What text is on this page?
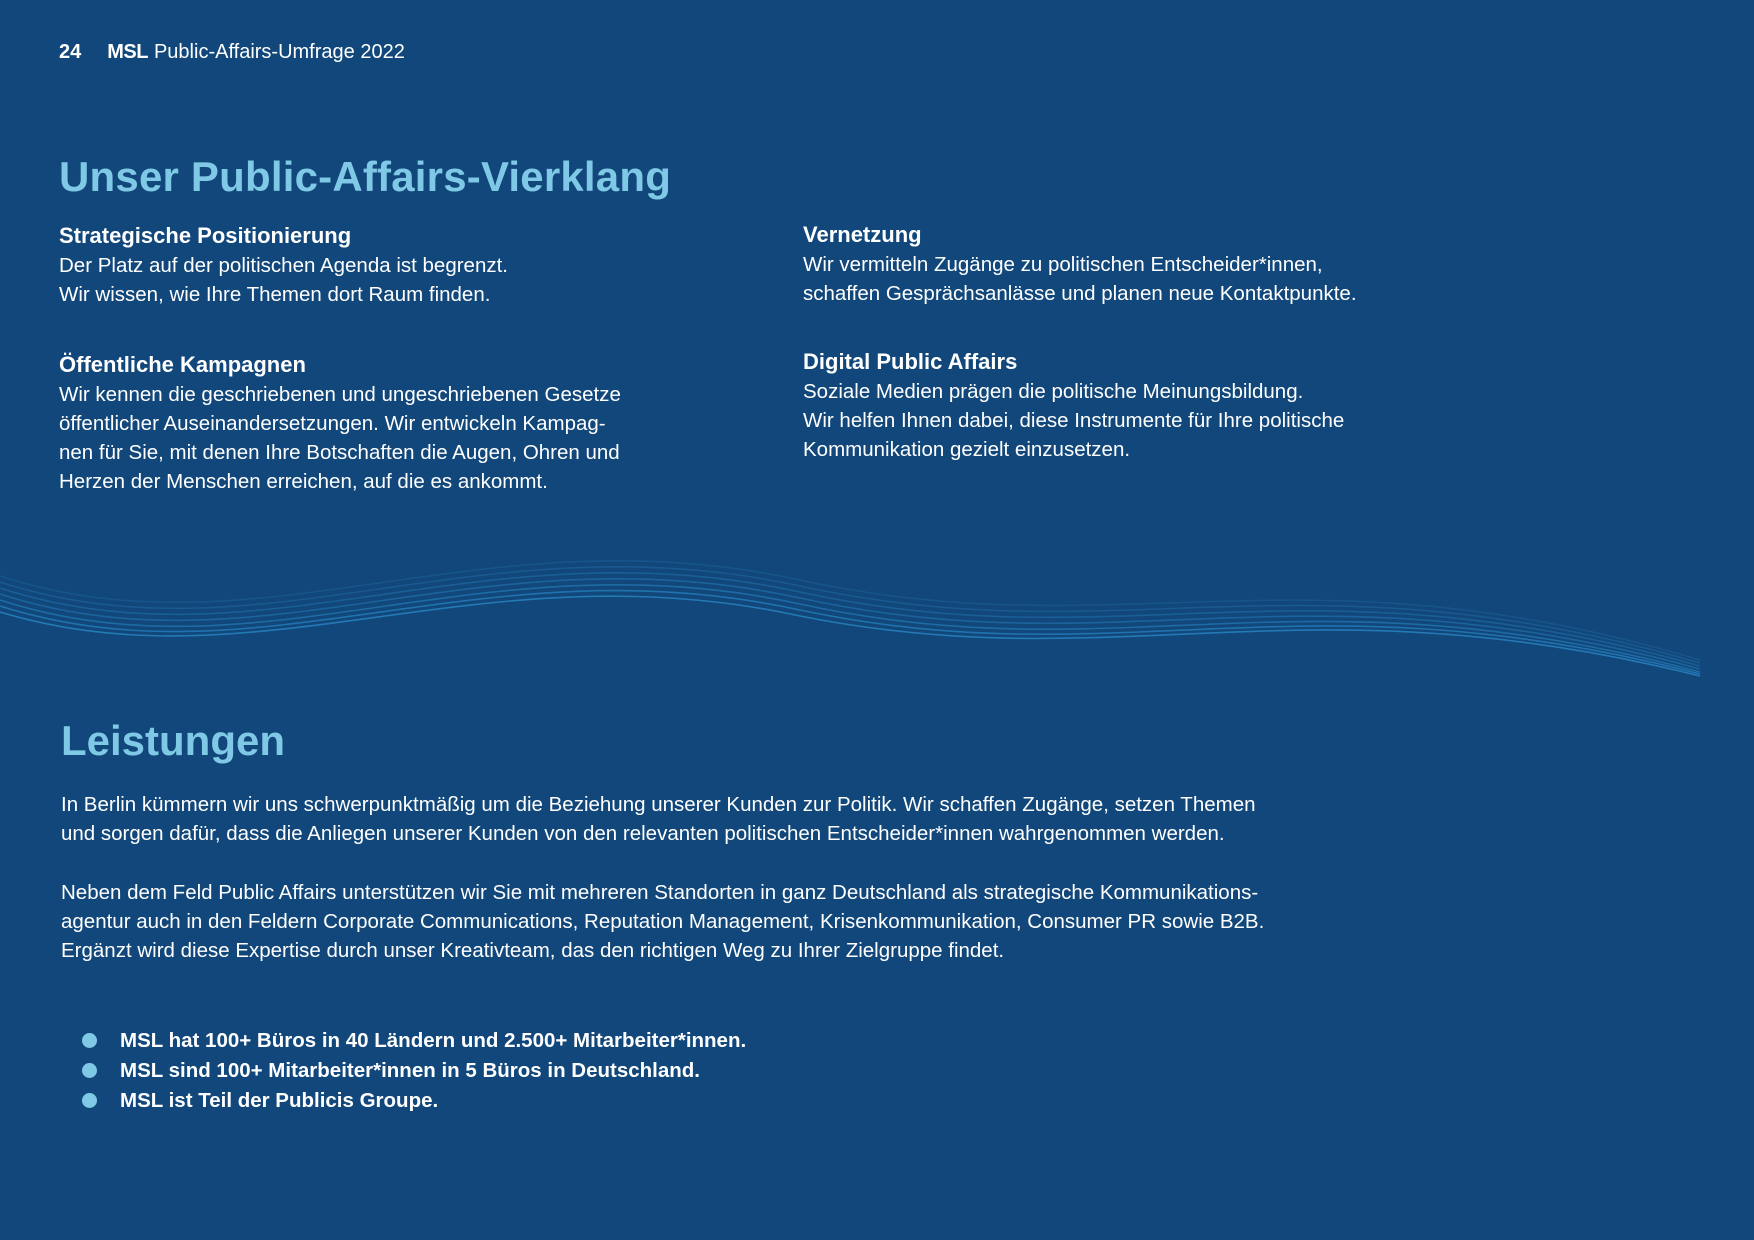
24 MSL Public-Affairs-Umfrage 2022
Unser Public-Affairs-Vierklang
Strategische Positionierung
Der Platz auf der politischen Agenda ist begrenzt.
Wir wissen, wie Ihre Themen dort Raum finden.
Vernetzung
Wir vermitteln Zugänge zu politischen Entscheider*innen,
schaffen Gesprächsanlässe und planen neue Kontaktpunkte.
Öffentliche Kampagnen
Wir kennen die geschriebenen und ungeschriebenen Gesetze
öffentlicher Auseinandersetzungen. Wir entwickeln Kampag-
nen für Sie, mit denen Ihre Botschaften die Augen, Ohren und
Herzen der Menschen erreichen, auf die es ankommt.
Digital Public Affairs
Soziale Medien prägen die politische Meinungsbildung.
Wir helfen Ihnen dabei, diese Instrumente für Ihre politische
Kommunikation gezielt einzusetzen.
Leistungen
In Berlin kümmern wir uns schwerpunktmäßig um die Beziehung unserer Kunden zur Politik. Wir schaffen Zugänge, setzen Themen
und sorgen dafür, dass die Anliegen unserer Kunden von den relevanten politischen Entscheider*innen wahrgenommen werden.
Neben dem Feld Public Affairs unterstützen wir Sie mit mehreren Standorten in ganz Deutschland als strategische Kommunikations-
agentur auch in den Feldern Corporate Communications, Reputation Management, Krisenkommunikation, Consumer PR sowie B2B.
Ergänzt wird diese Expertise durch unser Kreativteam, das den richtigen Weg zu Ihrer Zielgruppe findet.
MSL hat 100+ Büros in 40 Ländern und 2.500+ Mitarbeiter*innen.
MSL sind 100+ Mitarbeiter*innen in 5 Büros in Deutschland.
MSL ist Teil der Publicis Groupe.
